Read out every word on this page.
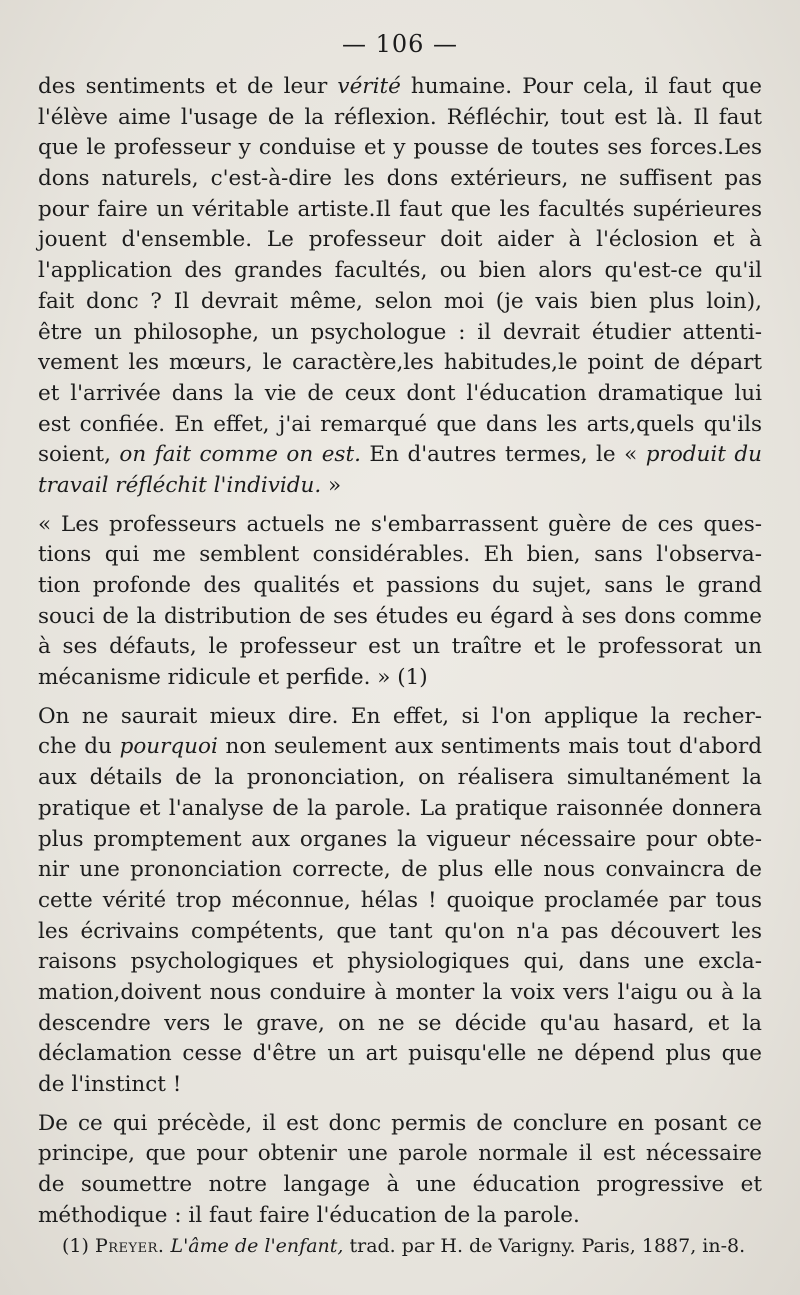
— 106 —
des sentiments et de leur vérité humaine. Pour cela, il faut que
l'élève aime l'usage de la réflexion. Réfléchir, tout est là. Il faut
que le professeur y conduise et y pousse de toutes ses forces.Les
dons naturels, c'est-à-dire les dons extérieurs, ne suffisent pas
pour faire un véritable artiste.Il faut que les facultés supérieures
jouent d'ensemble. Le professeur doit aider à l'éclosion et à
l'application des grandes facultés, ou bien alors qu'est-ce qu'il
fait donc ? Il devrait même, selon moi (je vais bien plus loin),
être un philosophe, un psychologue : il devrait étudier attenti-
vement les mœurs, le caractère,les habitudes,le point de départ
et l'arrivée dans la vie de ceux dont l'éducation dramatique lui
est confiée. En effet, j'ai remarqué que dans les arts,quels qu'ils
soient, on fait comme on est. En d'autres termes, le « produit du
travail réfléchit l'individu. »
« Les professeurs actuels ne s'embarrassent guère de ces ques-
tions qui me semblent considérables. Eh bien, sans l'observa-
tion profonde des qualités et passions du sujet, sans le grand
souci de la distribution de ses études eu égard à ses dons comme
à ses défauts, le professeur est un traître et le professorat un
mécanisme ridicule et perfide. » (1)
On ne saurait mieux dire. En effet, si l'on applique la recher-
che du pourquoi non seulement aux sentiments mais tout d'abord
aux détails de la prononciation, on réalisera simultanément la
pratique et l'analyse de la parole. La pratique raisonnée donnera
plus promptement aux organes la vigueur nécessaire pour obte-
nir une prononciation correcte, de plus elle nous convaincra de
cette vérité trop méconnue, hélas ! quoique proclamée par tous
les écrivains compétents, que tant qu'on n'a pas découvert les
raisons psychologiques et physiologiques qui, dans une excla-
mation,doivent nous conduire à monter la voix vers l'aigu ou à la
descendre vers le grave, on ne se décide qu'au hasard, et la
déclamation cesse d'être un art puisqu'elle ne dépend plus que
de l'instinct !
De ce qui précède, il est donc permis de conclure en posant ce
principe, que pour obtenir une parole normale il est nécessaire
de soumettre notre langage à une éducation progressive et
méthodique : il faut faire l'éducation de la parole.
(1) Preyer. L'âme de l'enfant, trad. par H. de Varigny. Paris, 1887, in-8.
